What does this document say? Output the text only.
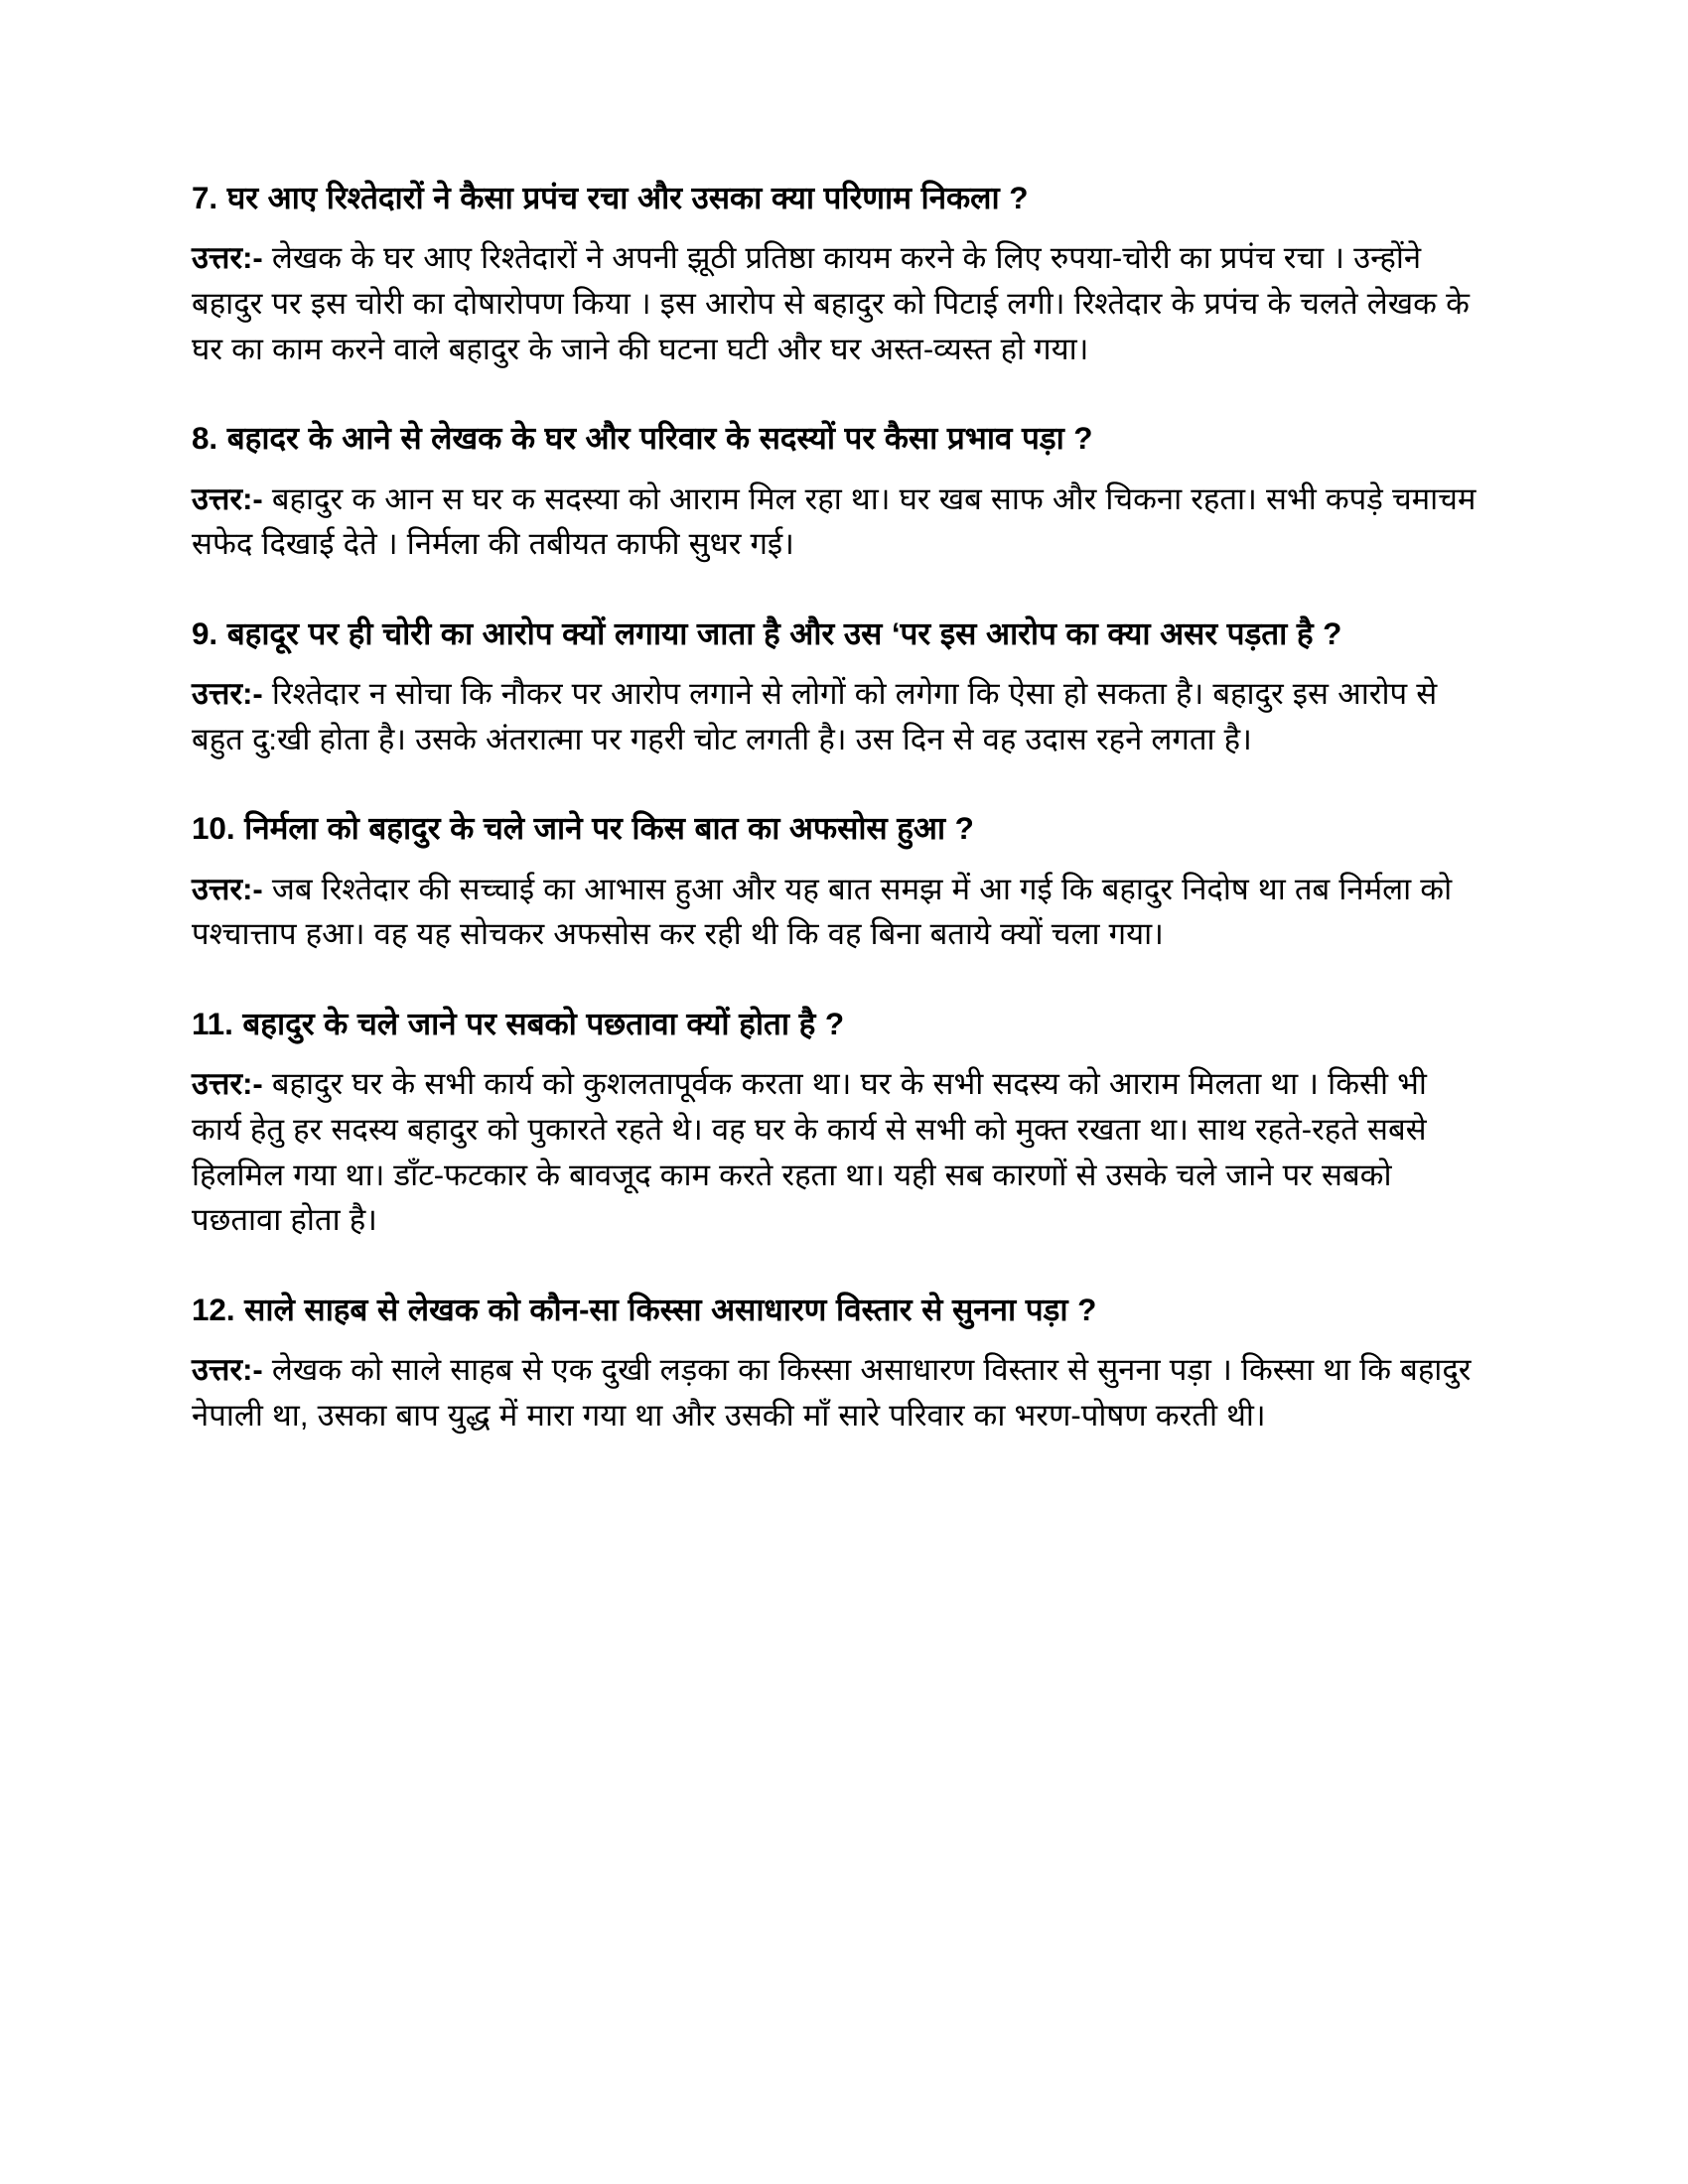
7. घर आए रिश्तेदारों ने कैसा प्रपंच रचा और उसका क्या परिणाम निकला ?

उत्तर:- लेखक के घर आए रिश्तेदारों ने अपनी झूठी प्रतिष्ठा कायम करने के लिए रुपया-चोरी का प्रपंच रचा । उन्होंने बहादुर पर इस चोरी का दोषारोपण किया । इस आरोप से बहादुर को पिटाई लगी। रिश्तेदार के प्रपंच के चलते लेखक के घर का काम करने वाले बहादुर के जाने की घटना घटी और घर अस्त-व्यस्त हो गया।

8. बहादर के आने से लेखक के घर और परिवार के सदस्यों पर कैसा प्रभाव पड़ा ?

उत्तर:- बहादुर क आन स घर क सदस्या को आराम मिल रहा था। घर खब साफ और चिकना रहता। सभी कपड़े चमाचम सफेद दिखाई देते । निर्मला की तबीयत काफी सुधर गई।

9. बहादूर पर ही चोरी का आरोप क्यों लगाया जाता है और उस ‘पर इस आरोप का क्या असर पड़ता है ?

उत्तर:- रिश्तेदार न सोचा कि नौकर पर आरोप लगाने से लोगों को लगेगा कि ऐसा हो सकता है। बहादुर इस आरोप से बहुत दु:खी होता है। उसके अंतरात्मा पर गहरी चोट लगती है। उस दिन से वह उदास रहने लगता है।

10. निर्मला को बहादुर के चले जाने पर किस बात का अफसोस हुआ ?

उत्तर:- जब रिश्तेदार की सच्चाई का आभास हुआ और यह बात समझ में आ गई कि बहादुर निदोष था तब निर्मला को पश्चात्ताप हआ। वह यह सोचकर अफसोस कर रही थी कि वह बिना बताये क्यों चला गया।

11. बहादुर के चले जाने पर सबको पछतावा क्यों होता है ?

उत्तर:- बहादुर घर के सभी कार्य को कुशलतापूर्वक करता था। घर के सभी सदस्य को आराम मिलता था । किसी भी कार्य हेतु हर सदस्य बहादुर को पुकारते रहते थे। वह घर के कार्य से सभी को मुक्त रखता था। साथ रहते-रहते सबसे हिलमिल गया था। डाँट-फटकार के बावजूद काम करते रहता था। यही सब कारणों से उसके चले जाने पर सबको पछतावा होता है।

12. साले साहब से लेखक को कौन-सा किस्सा असाधारण विस्तार से सुनना पड़ा ?

उत्तर:- लेखक को साले साहब से एक दुखी लड़का का किस्सा असाधारण विस्तार से सुनना पड़ा । किस्सा था कि बहादुर नेपाली था, उसका बाप युद्ध में मारा गया था और उसकी माँ सारे परिवार का भरण-पोषण करती थी।
